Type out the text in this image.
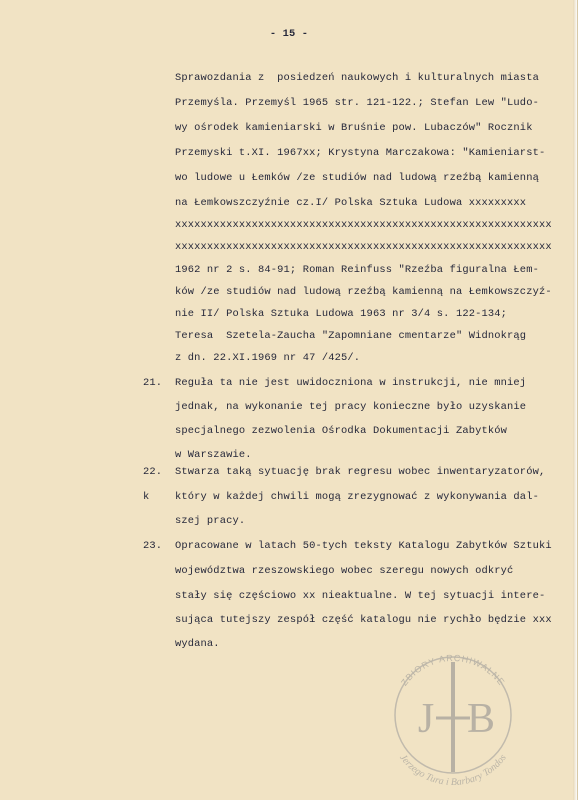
- 15 -
Sprawozdania z  posiedzeń naukowych i kulturalnych miasta
Przemyśla. Przemyśl 1965 str. 121-122.; Stefan Lew "Ludo-
wy ośrodek kamieniarski w Bruśnie pow. Lubaczów" Rocznik
Przemyski t.XI. 1967xx; Krystyna Marczakowa: "Kamieniarst-
wo ludowe u Łemków /ze studiów nad ludową rzeźbą kamienną
na Łemkowszczyźnie cz.I/ Polska Sztuka Ludowa xxxxxxxxx
xxxxxxxxxxxxxxxxxxxxxxxxxxxxxxxxxxxxxxxxxxxxxxxxxxxxxxxxxxx
xxxxxxxxxxxxxxxxxxxxxxxxxxxxxxxxxxxxxxxxxxxxxxxxxxxxxxxxxxx
1962 nr 2 s. 84-91; Roman Reinfuss "Rzeźba figuralna Łem-
ków /ze studiów nad ludową rzeźbą kamienną na Łemkowszczyź-
nie II/ Polska Sztuka Ludowa 1963 nr 3/4 s. 122-134;
Teresa  Szetela-Zaucha "Zapomniane cmentarze" Widnokrąg
z dn. 22.XI.1969 nr 47 /425/.
21. Reguła ta nie jest uwidoczniona w instrukcji, nie mniej
jednak, na wykonanie tej pracy konieczne było uzyskanie
specjalnego zezwolenia Ośrodka Dokumentacji Zabytków
w Warszawie.
22. Stwarza taką sytuację brak regresu wobec inwentaryzatorów,
k który w każdej chwili mogą zrezygnować z wykonywania dal-
szej pracy.
23. Opracowane w latach 50-tych teksty Katalogu Zabytków Sztuki
województwa rzeszowskiego wobec szeregu nowych odkryć
stały się częściowo xx nieaktualne. W tej sytuacji intere-
sująca tutejszy zespół część katalogu nie rychło będzie xxx
wydana.
ZBIORY ARCHIWALNE
Jerzego Tura i Barbary Tondos
J B
